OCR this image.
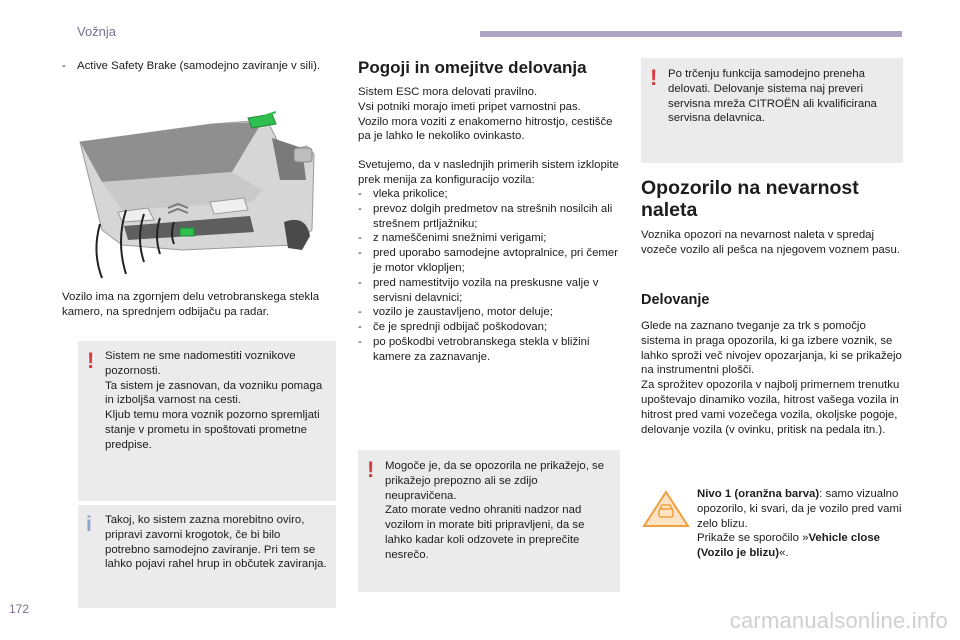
Vožnja
- Active Safety Brake (samodejno zaviranje v sili).
Vozilo ima na zgornjem delu vetrobranskega stekla kamero, na sprednjem odbijaču pa radar.
! Sistem ne sme nadomestiti voznikove pozornosti.

Ta sistem je zasnovan, da vozniku pomaga in izboljša varnost na cesti.

Kljub temu mora voznik pozorno spremljati stanje v prometu in spoštovati prometne predpise.

i Takoj, ko sistem zazna morebitno oviro, pripravi zavorni krogotok, če bi bilo potrebno samodejno zaviranje. Pri tem se lahko pojavi rahel hrup in občutek zaviranja.

Pogoji in omejitve delovanja

Sistem ESC mora delovati pravilno.

Vsi potniki morajo imeti pripet varnostni pas.

Vozilo mora voziti z enakomerno hitrostjo, cestišče pa je lahko le nekoliko ovinkasto.

Svetujemo, da v naslednjih primerih sistem izklopite prek menija za konfiguracijo vozila:
- vleka prikolice;
- prevoz dolgih predmetov na strešnih nosilcih ali strešnem prtljažniku;
- z nameščenimi snežnimi verigami;
- pred uporabo samodejne avtopralnice, pri čemer je motor vklopljen;
- pred namestitvijo vozila na preskusne valje v servisni delavnici;
- vozilo je zaustavljeno, motor deluje;
- če je sprednji odbijač poškodovan;
- po poškodbi vetrobranskega stekla v bližini kamere za zaznavanje.
! Mogoče je, da se opozorila ne prikažejo, se prikažejo prepozno ali se zdijo neupravičena.

Zato morate vedno ohraniti nadzor nad vozilom in morate biti pripravljeni, da se lahko kadar koli odzovete in preprečite nesrečo.

! Po trčenju funkcija samodejno preneha delovati. Delovanje sistema naj preveri servisna mreža CITROËN ali kvalificirana servisna delavnica.

Opozorilo na nevarnost naleta
Voznika opozori na nevarnost naleta v spredaj vozeče vozilo ali pešca na njegovem voznem pasu.
Delovanje

Glede na zaznano tveganje za trk s pomočjo sistema in praga opozorila, ki ga izbere voznik, se lahko sproži več nivojev opozarjanja, ki se prikažejo na instrumentni plošči.

Za sprožitev opozorila v najbolj primernem trenutku upoštevajo dinamiko vozila, hitrost vašega vozila in hitrost pred vami vozečega vozila, okoljske pogoje, delovanje vozila (v ovinku, pritisk na pedala itn.).

Nivo 1 (oranžna barva): samo vizualno opozorilo, ki svari, da je vozilo pred vami zelo blizu.
Prikaže se sporočilo »Vehicle close (Vozilo je blizu)«.
172	carmanualsonline.info
